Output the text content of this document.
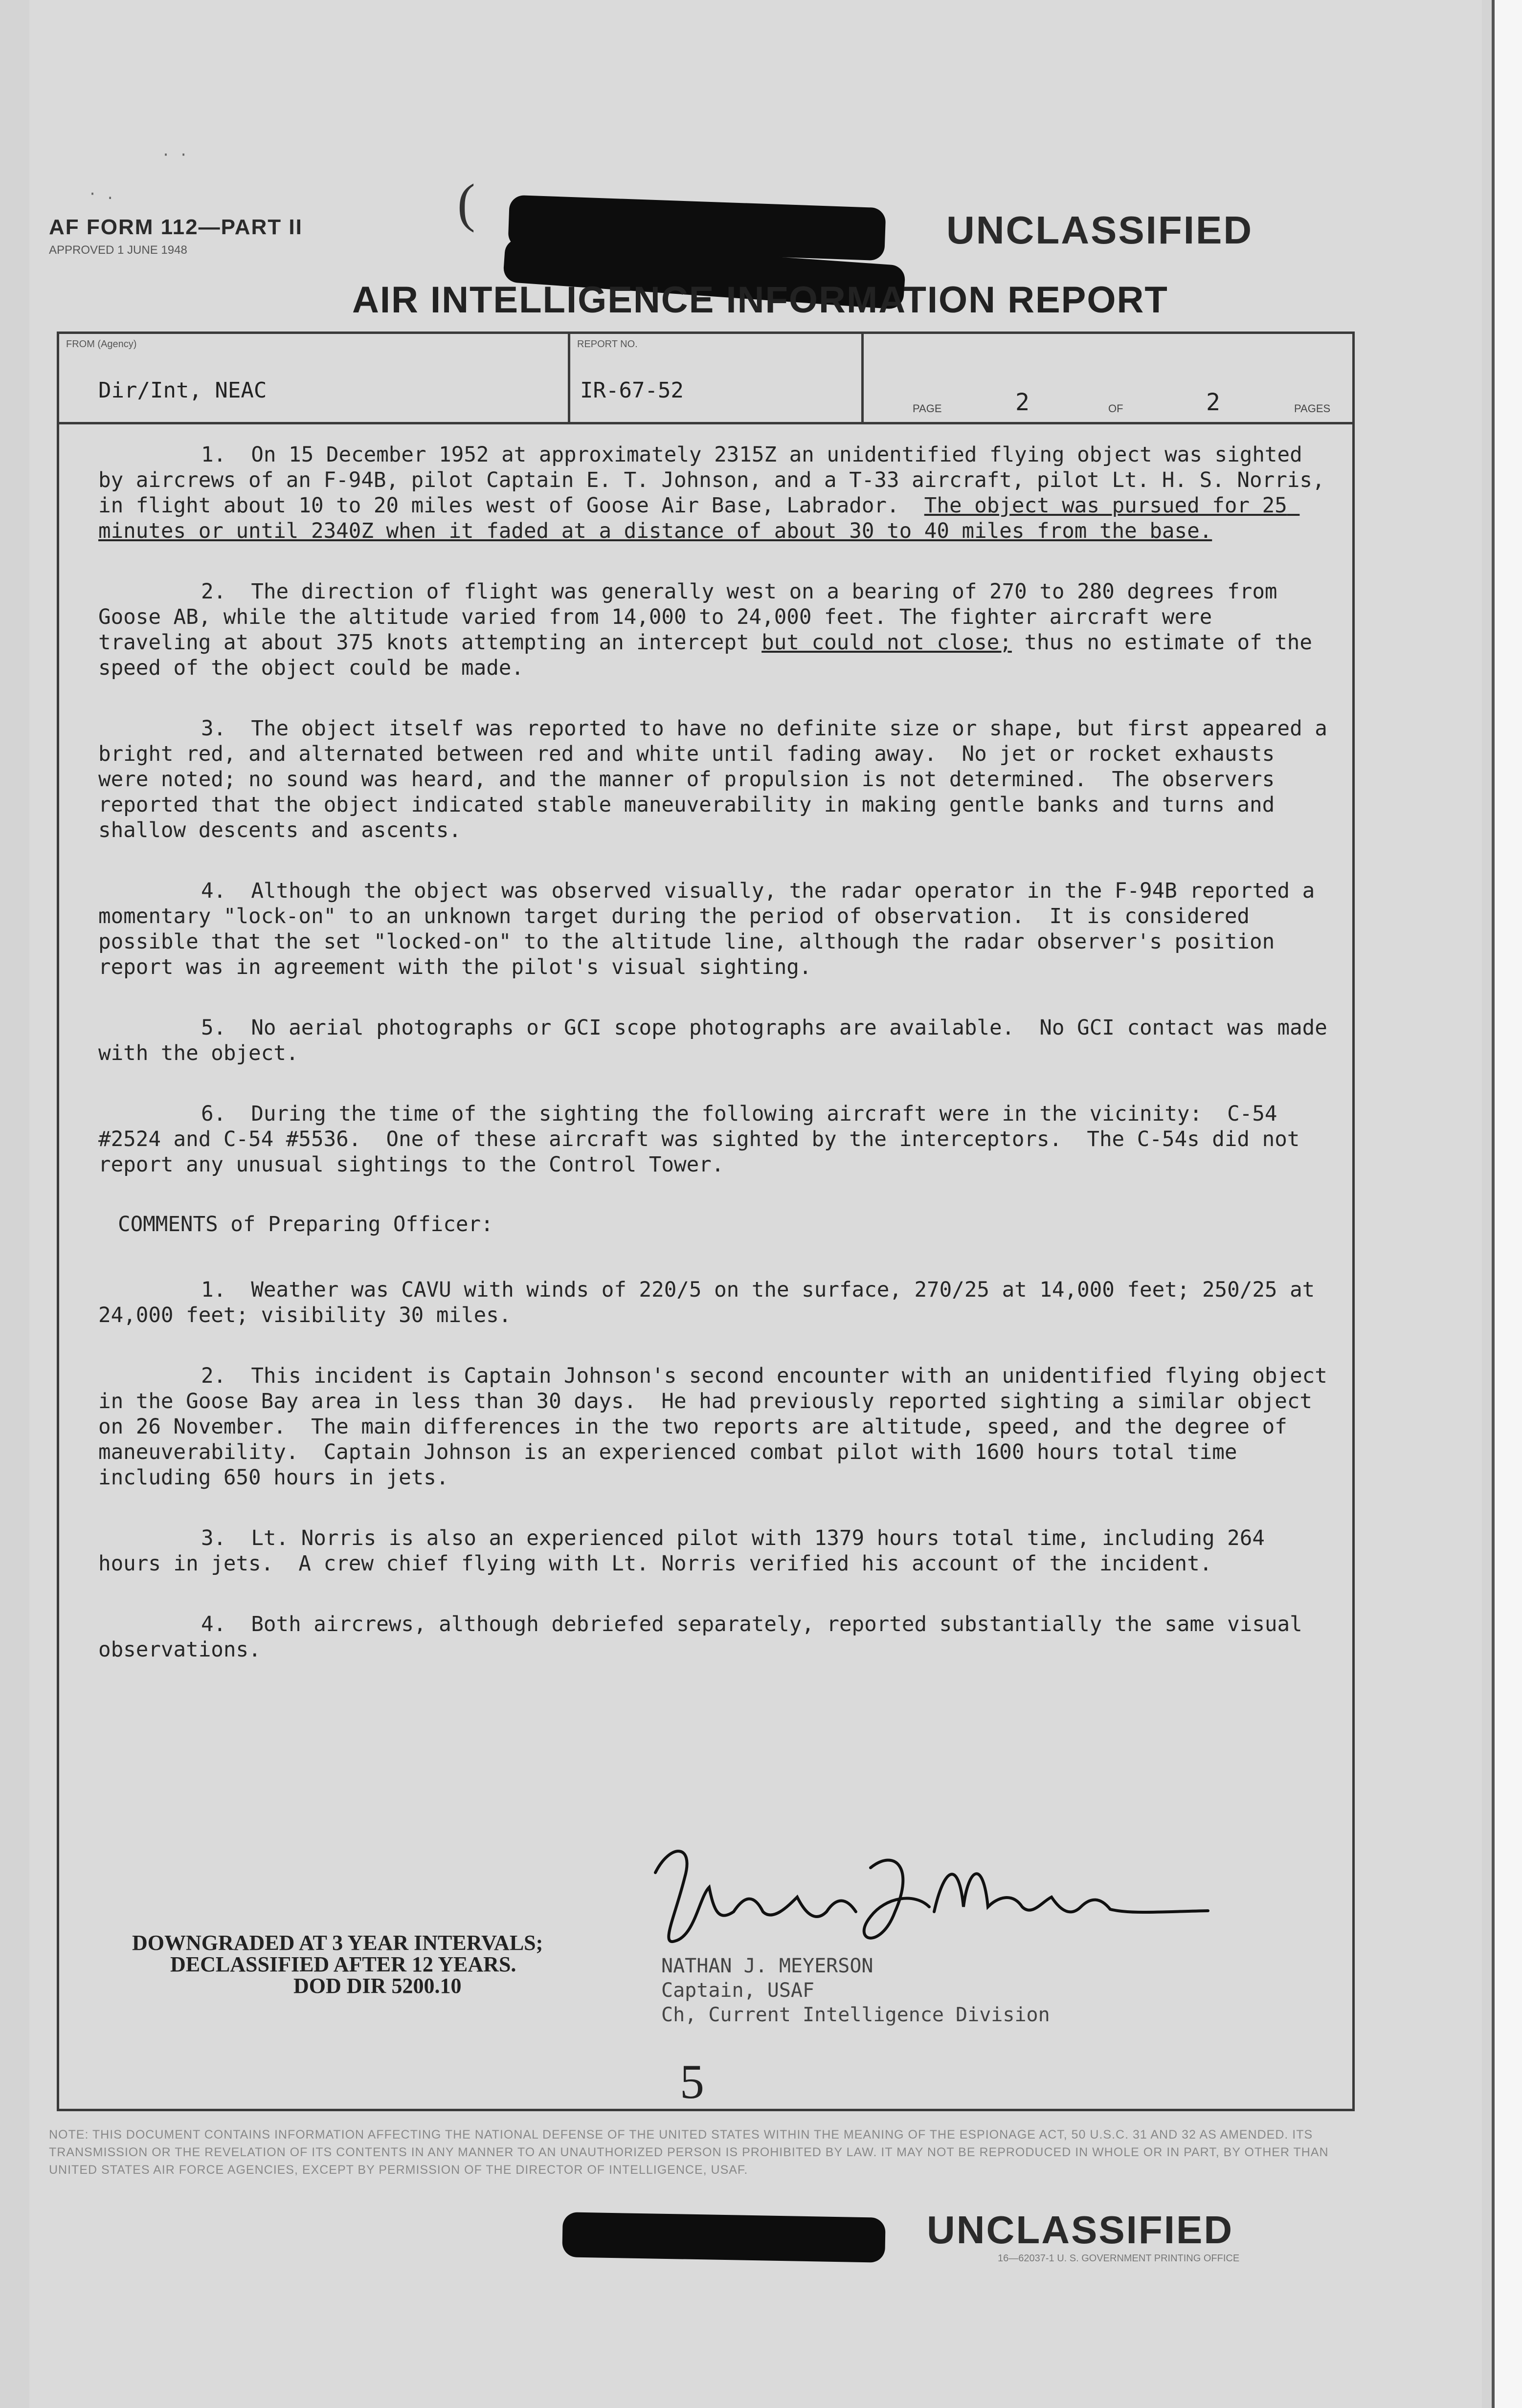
· .
· ·
AF FORM 112—PART II
APPROVED 1 JUNE 1948
(	UNCLASSIFIED
AIR INTELLIGENCE INFORMATION REPORT
FROM (Agency)
Dir/Int, NEAC
REPORT NO.
IR-67-52
PAGE	2	OF	2	PAGES

1.  On 15 December 1952 at approximately 2315Z an unidentified flying object was sighted by aircrews of an F-94B, pilot Captain E. T. Johnson, and a T-33 aircraft, pilot Lt. H. S. Norris, in flight about 10 to 20 miles west of Goose Air Base, Labrador.  The object was pursued for 25 minutes or until 2340Z when it faded at a distance of about 30 to 40 miles from the base.

2.  The direction of flight was generally west on a bearing of 270 to 280 degrees from Goose AB, while the altitude varied from 14,000 to 24,000 feet. The fighter aircraft were traveling at about 375 knots attempting an intercept but could not close; thus no estimate of the speed of the object could be made.

3.  The object itself was reported to have no definite size or shape, but first appeared a bright red, and alternated between red and white until fading away.  No jet or rocket exhausts were noted; no sound was heard, and the manner of propulsion is not determined.  The observers reported that the object indicated stable maneuverability in making gentle banks and turns and shallow descents and ascents.

4.  Although the object was observed visually, the radar operator in the F-94B reported a momentary "lock-on" to an unknown target during the period of observation.  It is considered possible that the set "locked-on" to the altitude line, although the radar observer's position report was in agreement with the pilot's visual sighting.

5.  No aerial photographs or GCI scope photographs are available.  No GCI contact was made with the object.

6.  During the time of the sighting the following aircraft were in the vicinity:  C-54 #2524 and C-54 #5536.  One of these aircraft was sighted by the interceptors.  The C-54s did not report any unusual sightings to the Control Tower.

COMMENTS of Preparing Officer:

1.  Weather was CAVU with winds of 220/5 on the surface, 270/25 at 14,000 feet; 250/25 at 24,000 feet; visibility 30 miles.

2.  This incident is Captain Johnson's second encounter with an unidentified flying object in the Goose Bay area in less than 30 days.  He had previously reported sighting a similar object on 26 November.  The main differences in the two reports are altitude, speed, and the degree of maneuverability.  Captain Johnson is an experienced combat pilot with 1600 hours total time including 650 hours in jets.

3.  Lt. Norris is also an experienced pilot with 1379 hours total time, including 264 hours in jets.  A crew chief flying with Lt. Norris verified his account of the incident.

4.  Both aircrews, although debriefed separately, reported substantially the same visual observations.

DOWNGRADED AT 3 YEAR INTERVALS;
DECLASSIFIED AFTER 12 YEARS.
DOD DIR 5200.10
NATHAN J. MEYERSON
Captain, USAF
Ch, Current Intelligence Division
5
NOTE: THIS DOCUMENT CONTAINS INFORMATION AFFECTING THE NATIONAL DEFENSE OF THE UNITED STATES WITHIN THE MEANING OF THE ESPIONAGE ACT, 50 U.S.C. 31 AND 32 AS AMENDED. ITS TRANSMISSION OR THE REVELATION OF ITS CONTENTS IN ANY MANNER TO AN UNAUTHORIZED PERSON IS PROHIBITED BY LAW. IT MAY NOT BE REPRODUCED IN WHOLE OR IN PART, BY OTHER THAN UNITED STATES AIR FORCE AGENCIES, EXCEPT BY PERMISSION OF THE DIRECTOR OF INTELLIGENCE, USAF.
UNCLASSIFIED
16—62037-1 U. S. GOVERNMENT PRINTING OFFICE
